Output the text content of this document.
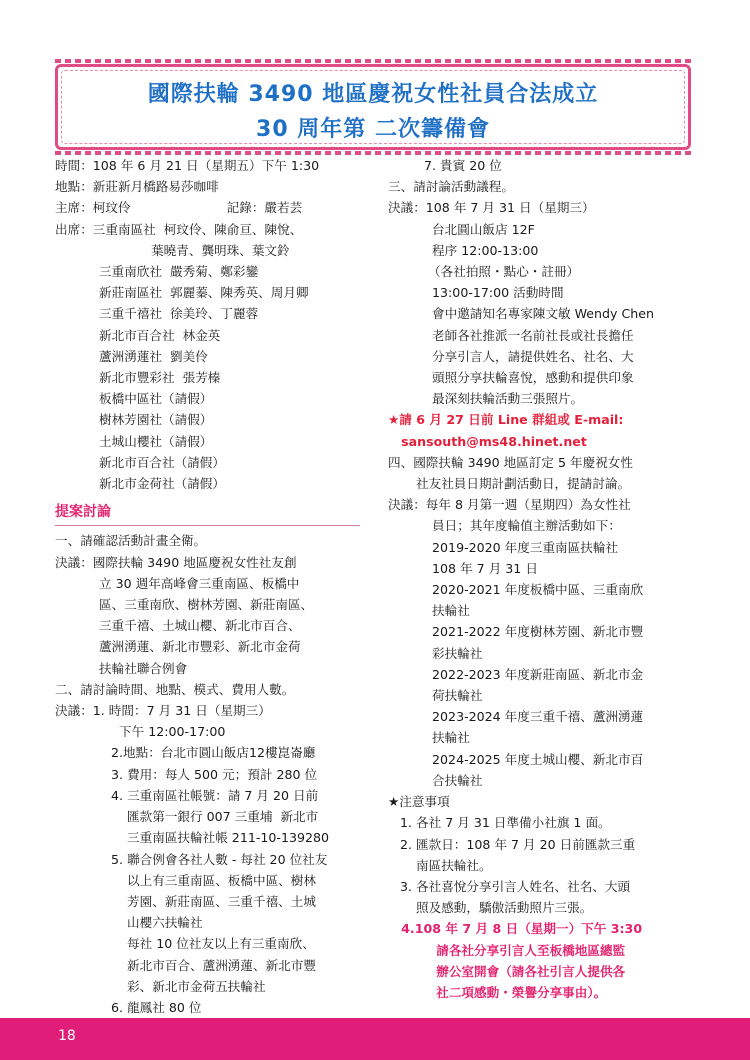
國際扶輪 3490 地區慶祝女性社員合法成立
30 周年第 二次籌備會
時間：108 年 6 月 21 日（星期五）下午 1:30
地點：新莊新月橋路易莎咖啡
主席：柯玟伶                        記錄：嚴若芸
出席：三重南區社  柯玟伶、陳俞亘、陳悅、
葉曉青、龔明珠、葉文鈴
三重南欣社  嚴秀菊、鄭彩鑾
新莊南區社  郭麗蓁、陳秀英、周月卿
三重千禧社  徐美玲、丁麗蓉
新北市百合社  林金英
蘆洲湧蓮社  劉美伶
新北市豐彩社  張芳榛
板橋中區社（請假）
樹林芳園社（請假）
土城山櫻社（請假）
新北市百合社（請假）
新北市金荷社（請假）
提案討論
一、請確認活動計畫全衛。
決議：國際扶輪 3490 地區慶祝女性社友創
立 30 週年高峰會三重南區、板橋中
區、三重南欣、樹林芳園、新莊南區、
三重千禧、土城山櫻、新北市百合、
蘆洲湧蓮、新北市豐彩、新北市金荷
扶輪社聯合例會
二、請討論時間、地點、模式、費用人數。
決議：1. 時間：7 月 31 日（星期三）
下午 12:00-17:00
2.地點：台北市圓山飯店12樓崑崙廳
3. 費用：每人 500 元；預計 280 位
4. 三重南區社帳號：請 7 月 20 日前
匯款第一銀行 007 三重埔  新北市
三重南區扶輪社帳 211-10-139280
5. 聯合例會各社人數 - 每社 20 位社友
以上有三重南區、板橋中區、樹林
芳園、新莊南區、三重千禧、土城
山櫻六扶輪社
每社 10 位社友以上有三重南欣、
新北市百合、蘆洲湧蓮、新北市豐
彩、新北市金荷五扶輪社
6. 龍鳳社 80 位
7. 貴賓 20 位
三、請討論活動議程。
決議：108 年 7 月 31 日（星期三）
台北圓山飯店 12F
程序 12:00-13:00
（各社拍照・點心・註冊）
13:00-17:00 活動時間
會中邀請知名專家陳文敏 Wendy Chen
老師各社推派一名前社長或社長擔任
分享引言人，請提供姓名、社名、大
頭照分享扶輪喜悅，感動和提供印象
最深刻扶輪活動三張照片。
★請 6 月 27 日前 Line 群組或 E-mail:
sansouth@ms48.hinet.net
四、國際扶輪 3490 地區訂定 5 年慶祝女性
社友社員日期計劃活動日，提請討論。
決議：每年 8 月第一週（星期四）為女性社
員日；其年度輪值主辦活動如下：
2019-2020 年度三重南區扶輪社
108 年 7 月 31 日
2020-2021 年度板橋中區、三重南欣
扶輪社
2021-2022 年度樹林芳園、新北市豐
彩扶輪社
2022-2023 年度新莊南區、新北市金
荷扶輪社
2023-2024 年度三重千禧、蘆洲湧蓮
扶輪社
2024-2025 年度土城山櫻、新北市百
合扶輪社
★注意事項
1. 各社 7 月 31 日準備小社旗 1 面。
2. 匯款日：108 年 7 月 20 日前匯款三重
南區扶輪社。
3. 各社喜悅分享引言人姓名、社名、大頭
照及感動，驕傲活動照片三張。
4.108 年 7 月 8 日（星期一）下午 3:30
請各社分享引言人至板橋地區總監
辦公室開會（請各社引言人提供各
社二項感動・榮譽分享事由）。
18
